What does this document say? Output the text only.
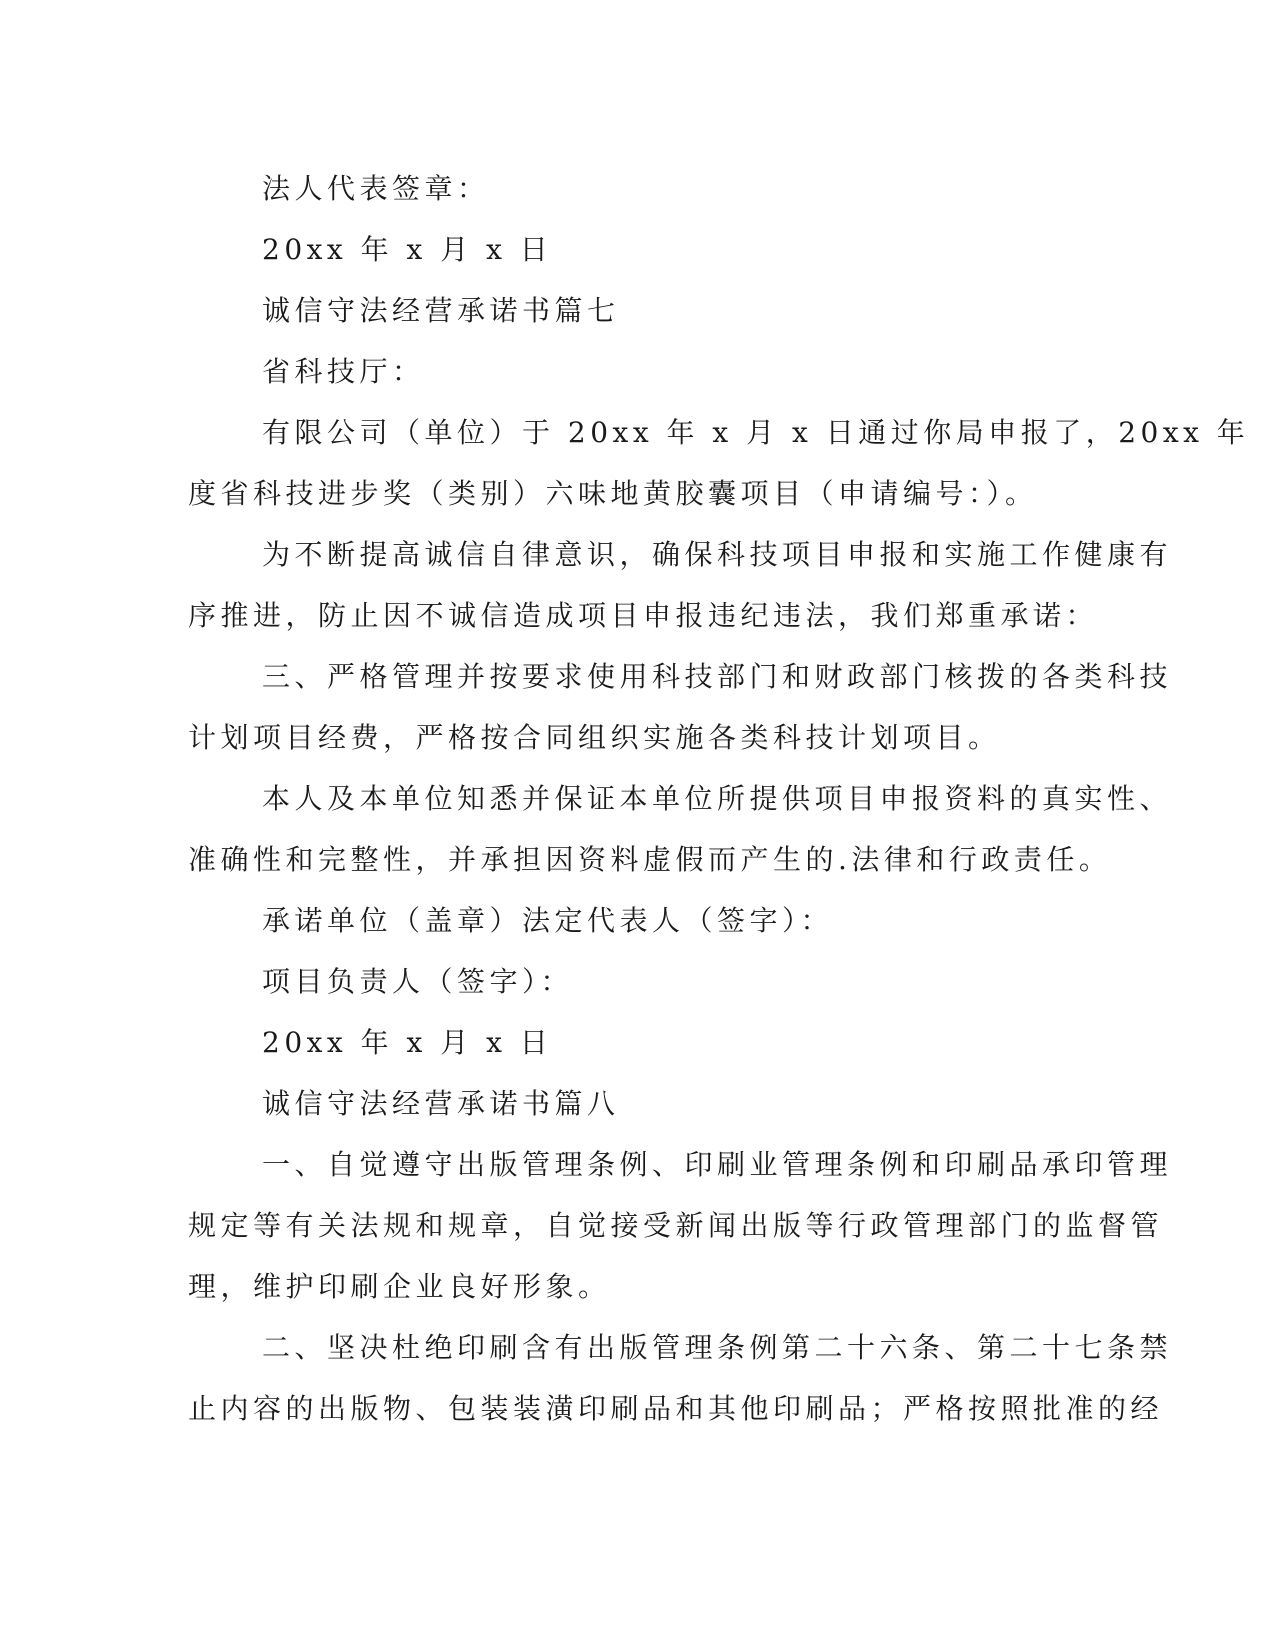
法人代表签章：
20xx 年 x 月 x 日
诚信守法经营承诺书篇七
省科技厅：
有限公司（单位）于 20xx 年 x 月 x 日通过你局申报了，20xx 年
度省科技进步奖（类别）六味地黄胶囊项目（申请编号：）。
为不断提高诚信自律意识，确保科技项目申报和实施工作健康有
序推进，防止因不诚信造成项目申报违纪违法，我们郑重承诺：
三、严格管理并按要求使用科技部门和财政部门核拨的各类科技
计划项目经费，严格按合同组织实施各类科技计划项目。
本人及本单位知悉并保证本单位所提供项目申报资料的真实性、
准确性和完整性，并承担因资料虚假而产生的.法律和行政责任。
承诺单位（盖章）法定代表人（签字）：
项目负责人（签字）：
20xx 年 x 月 x 日
诚信守法经营承诺书篇八
一、自觉遵守出版管理条例、印刷业管理条例和印刷品承印管理
规定等有关法规和规章，自觉接受新闻出版等行政管理部门的监督管
理，维护印刷企业良好形象。
二、坚决杜绝印刷含有出版管理条例第二十六条、第二十七条禁
止内容的出版物、包装装潢印刷品和其他印刷品；严格按照批准的经
